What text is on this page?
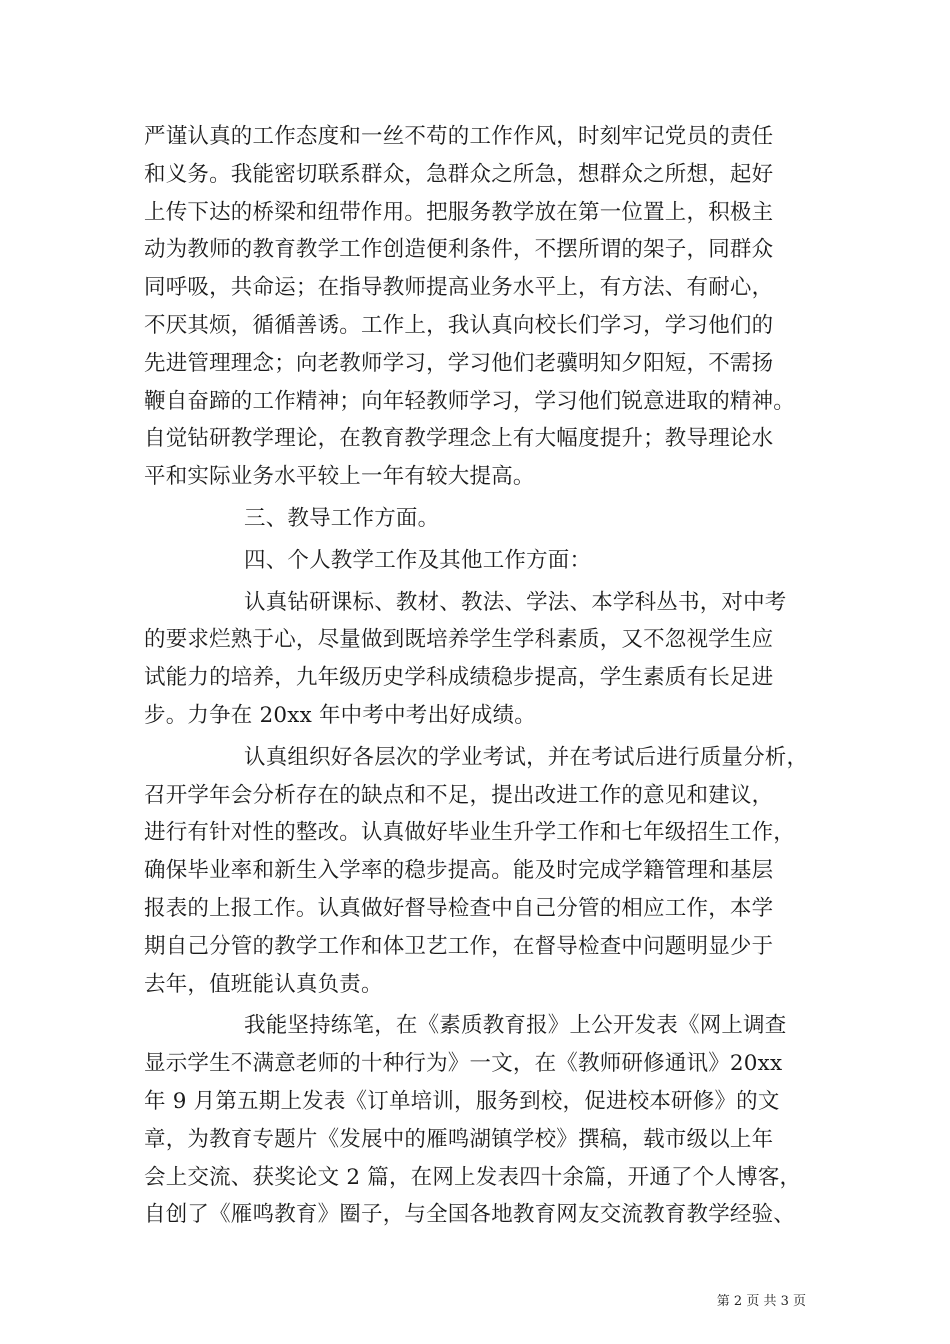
严谨认真的工作态度和一丝不苟的工作作风，时刻牢记党员的责任
和义务。我能密切联系群众，急群众之所急，想群众之所想，起好
上传下达的桥梁和纽带作用。把服务教学放在第一位置上，积极主
动为教师的教育教学工作创造便利条件，不摆所谓的架子，同群众
同呼吸，共命运；在指导教师提高业务水平上，有方法、有耐心，
不厌其烦，循循善诱。工作上，我认真向校长们学习，学习他们的
先进管理理念；向老教师学习，学习他们老骥明知夕阳短，不需扬
鞭自奋蹄的工作精神；向年轻教师学习，学习他们锐意进取的精神。
自觉钻研教学理论，在教育教学理念上有大幅度提升；教导理论水
平和实际业务水平较上一年有较大提高。

三、教导工作方面。

四、个人教学工作及其他工作方面：

认真钻研课标、教材、教法、学法、本学科丛书，对中考
的要求烂熟于心，尽量做到既培养学生学科素质，又不忽视学生应
试能力的培养，九年级历史学科成绩稳步提高，学生素质有长足进
步。力争在 20xx 年中考中考出好成绩。

认真组织好各层次的学业考试，并在考试后进行质量分析，
召开学年会分析存在的缺点和不足，提出改进工作的意见和建议，
进行有针对性的整改。认真做好毕业生升学工作和七年级招生工作，
确保毕业率和新生入学率的稳步提高。能及时完成学籍管理和基层
报表的上报工作。认真做好督导检查中自己分管的相应工作，本学
期自己分管的教学工作和体卫艺工作，在督导检查中问题明显少于
去年，值班能认真负责。

我能坚持练笔，在《素质教育报》上公开发表《网上调查
显示学生不满意老师的十种行为》一文，在《教师研修通讯》20xx
年 9 月第五期上发表《订单培训，服务到校，促进校本研修》的文
章，为教育专题片《发展中的雁鸣湖镇学校》撰稿，载市级以上年
会上交流、获奖论文 2 篇，在网上发表四十余篇，开通了个人博客，
自创了《雁鸣教育》圈子，与全国各地教育网友交流教育教学经验、

第 2 页 共 3 页
